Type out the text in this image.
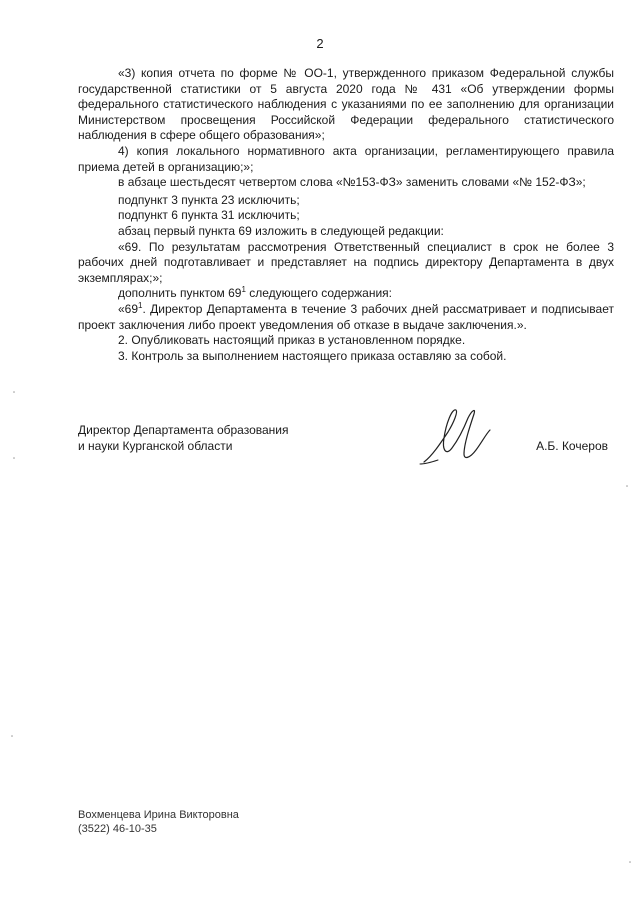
2

«3) копия отчета по форме № ОО-1, утвержденного приказом Федеральной службы государственной статистики от 5 августа 2020 года № 431 «Об утверждении формы федерального статистического наблюдения с указаниями по ее заполнению для организации Министерством просвещения Российской Федерации федерального статистического наблюдения в сфере общего образования»;

4) копия локального нормативного акта организации, регламентирующего правила приема детей в организацию;»;

в абзаце шестьдесят четвертом слова «№153-ФЗ» заменить словами «№ 152-ФЗ»;

подпункт 3 пункта 23 исключить;

подпункт 6 пункта 31 исключить;

абзац первый пункта 69 изложить в следующей редакции:

«69. По результатам рассмотрения Ответственный специалист в срок не более 3 рабочих дней подготавливает и представляет на подпись директору Департамента в двух экземплярах;»;

дополнить пунктом $69^1$ следующего содержания:

«$69^1$. Директор Департамента в течение 3 рабочих дней рассматривает и подписывает проект заключения либо проект уведомления об отказе в выдаче заключения.».

2. Опубликовать настоящий приказ в установленном порядке.

3. Контроль за выполнением настоящего приказа оставляю за собой.

Директор Департамента образования
и науки Курганской области	А.Б. Кочеров
Вохменцева Ирина Викторовна
(3522) 46-10-35
